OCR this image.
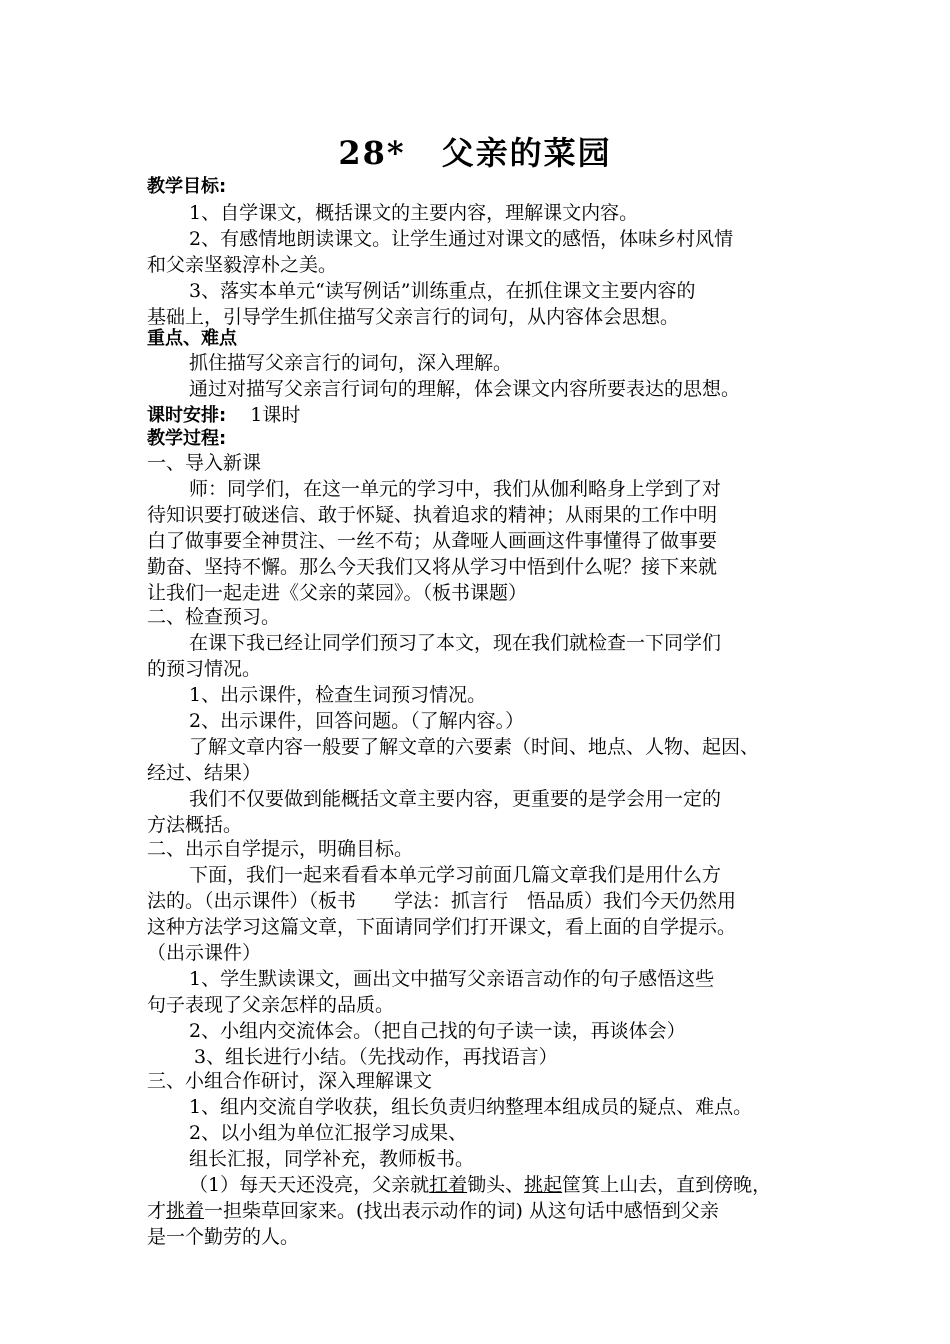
28* 父亲的菜园
教学目标:
1、自学课文，概括课文的主要内容，理解课文内容。
2、有感情地朗读课文。让学生通过对课文的感悟，体味乡村风情
和父亲坚毅淳朴之美。
3、落实本单元“读写例话”训练重点，在抓住课文主要内容的
基础上，引导学生抓住描写父亲言行的词句，从内容体会思想。
重点、难点
抓住描写父亲言行的词句，深入理解。
通过对描写父亲言行词句的理解，体会课文内容所要表达的思想。
课时安排: 1课时
教学过程:
一、导入新课
师：同学们，在这一单元的学习中，我们从伽利略身上学到了对
待知识要打破迷信、敢于怀疑、执着追求的精神；从雨果的工作中明
白了做事要全神贯注、一丝不苟；从聋哑人画画这件事懂得了做事要
勤奋、坚持不懈。那么今天我们又将从学习中悟到什么呢？接下来就
让我们一起走进《父亲的菜园》。（板书课题）
二、检查预习。
在课下我已经让同学们预习了本文，现在我们就检查一下同学们
的预习情况。
1、出示课件，检查生词预习情况。
2、出示课件，回答问题。（了解内容。）
了解文章内容一般要了解文章的六要素（时间、地点、人物、起因、
经过、结果）
我们不仅要做到能概括文章主要内容，更重要的是学会用一定的
方法概括。
二、出示自学提示，明确目标。
下面，我们一起来看看本单元学习前面几篇文章我们是用什么方
法的。（出示课件）（板书　　学法：抓言行　悟品质）我们今天仍然用
这种方法学习这篇文章，下面请同学们打开课文，看上面的自学提示。
（出示课件）
1、学生默读课文，画出文中描写父亲语言动作的句子感悟这些
句子表现了父亲怎样的品质。
2、小组内交流体会。（把自己找的句子读一读，再谈体会）
3、组长进行小结。（先找动作，再找语言）
三、小组合作研讨，深入理解课文
1、组内交流自学收获，组长负责归纳整理本组成员的疑点、难点。
2、以小组为单位汇报学习成果、
组长汇报，同学补充，教师板书。
（1）每天天还没亮，父亲就扛着锄头、挑起筐箕上山去，直到傍晚，
才挑着一担柴草回家来。(找出表示动作的词) 从这句话中感悟到父亲
是一个勤劳的人。
